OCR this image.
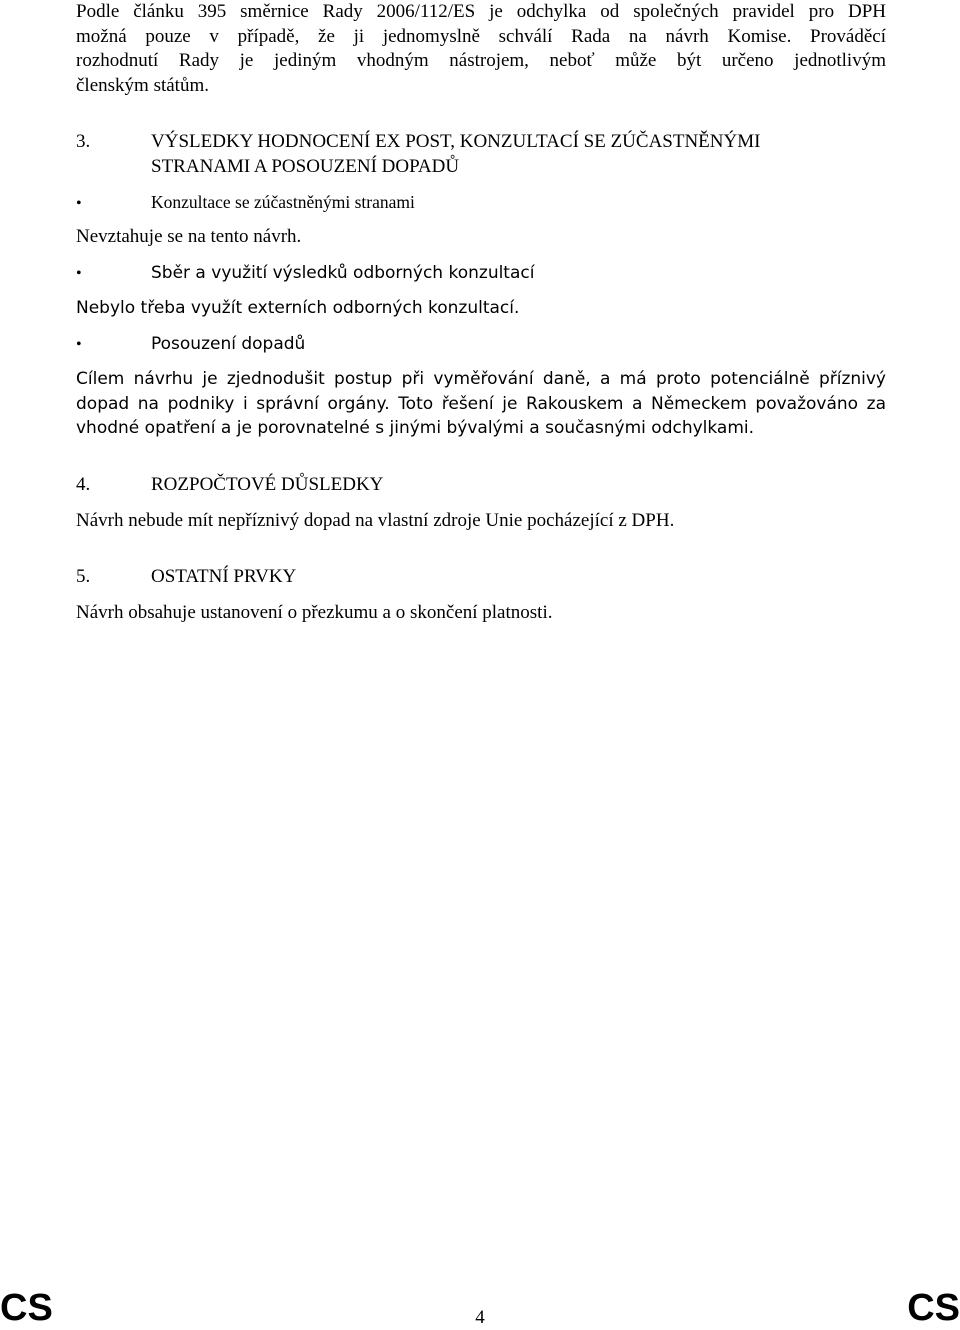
Podle článku 395 směrnice Rady 2006/112/ES je odchylka od společných pravidel pro DPH

možná pouze v případě, že ji jednomyslně schválí Rada na návrh Komise. Prováděcí

rozhodnutí Rady je jediným vhodným nástrojem, neboť může být určeno jednotlivým

členským státům.

3.	VÝSLEDKY HODNOCENÍ EX POST, KONZULTACÍ SE ZÚČASTNĚNÝMI
STRANAMI A POSOUZENÍ DOPADŮ
•	Konzultace se zúčastněnými stranami

Nevztahuje se na tento návrh.

•	Sběr a využití výsledků odborných konzultací

Nebylo třeba využít externích odborných konzultací.

•	Posouzení dopadů

Cílem návrhu je zjednodušit postup při vyměřování daně, a má proto potenciálně příznivý

dopad na podniky i správní orgány. Toto řešení je Rakouskem a Německem považováno za

vhodné opatření a je porovnatelné s jinými bývalými a současnými odchylkami.

4.	ROZPOČTOVÉ DŮSLEDKY

Návrh nebude mít nepříznivý dopad na vlastní zdroje Unie pocházející z DPH.

5.	OSTATNÍ PRVKY

Návrh obsahuje ustanovení o přezkumu a o skončení platnosti.

4
CS	CS
